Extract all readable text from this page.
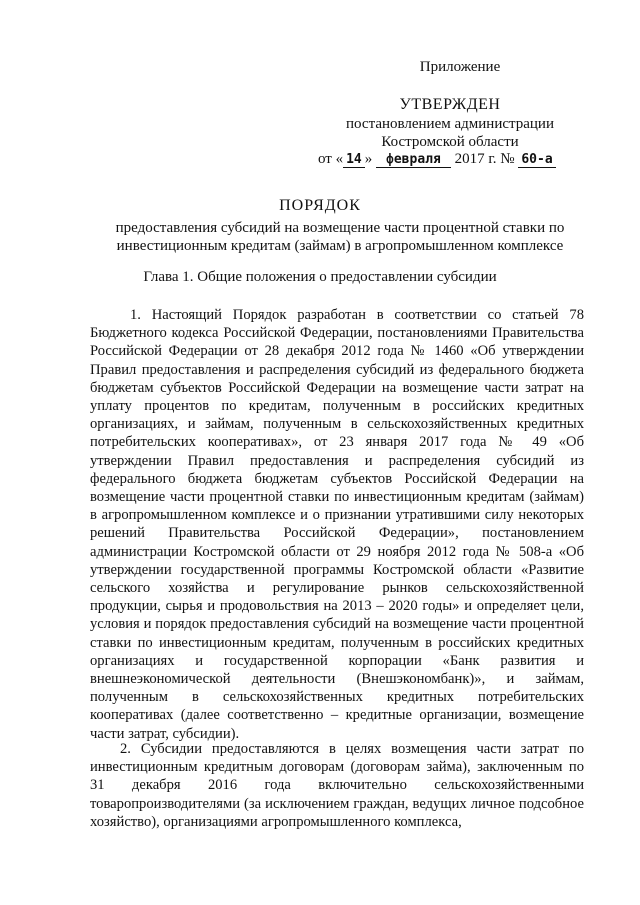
Приложение
УТВЕРЖДЕН
постановлением администрации
Костромской области
от « 14 » февраля 2017 г. № 60-а
ПОРЯДОК
предоставления субсидий на возмещение части процентной ставки по инвестиционным кредитам (займам) в агропромышленном комплексе
Глава 1. Общие положения о предоставлении субсидии
1. Настоящий Порядок разработан в соответствии со статьей 78 Бюджетного кодекса Российской Федерации, постановлениями Правительства Российской Федерации от 28 декабря 2012 года № 1460 «Об утверждении Правил предоставления и распределения субсидий из федерального бюджета бюджетам субъектов Российской Федерации на возмещение части затрат на уплату процентов по кредитам, полученным в российских кредитных организациях, и займам, полученным в сельскохозяйственных кредитных потребительских кооперативах», от 23 января 2017 года № 49 «Об утверждении Правил предоставления и распределения субсидий из федерального бюджета бюджетам субъектов Российской Федерации на возмещение части процентной ставки по инвестиционным кредитам (займам) в агропромышленном комплексе и о признании утратившими силу некоторых решений Правительства Российской Федерации», постановлением администрации Костромской области от 29 ноября 2012 года № 508-а «Об утверждении государственной программы Костромской области «Развитие сельского хозяйства и регулирование рынков сельскохозяйственной продукции, сырья и продовольствия на 2013 – 2020 годы» и определяет цели, условия и порядок предоставления субсидий на возмещение части процентной ставки по инвестиционным кредитам, полученным в российских кредитных организациях и государственной корпорации «Банк развития и внешнеэкономической деятельности (Внешэкономбанк)», и займам, полученным в сельскохозяйственных кредитных потребительских кооперативах (далее соответственно – кредитные организации, возмещение части затрат, субсидии).
2. Субсидии предоставляются в целях возмещения части затрат по инвестиционным кредитным договорам (договорам займа), заключенным по 31 декабря 2016 года включительно сельскохозяйственными товаропроизводителями (за исключением граждан, ведущих личное подсобное хозяйство), организациями агропромышленного комплекса,
